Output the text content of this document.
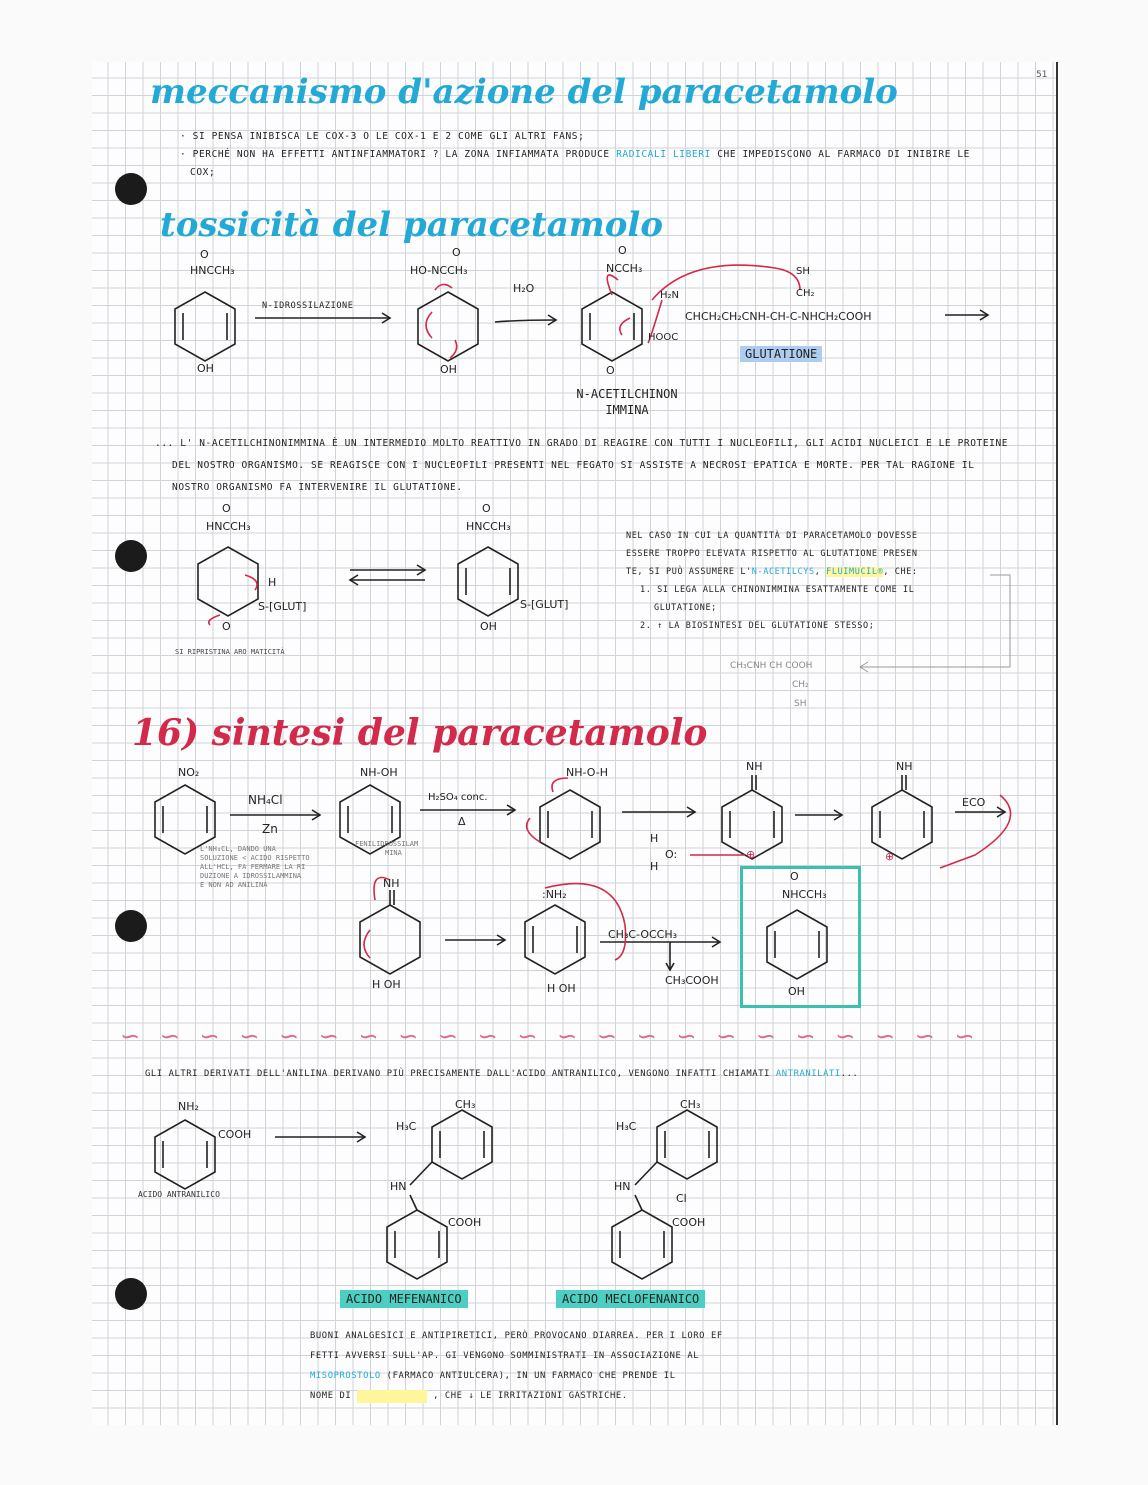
51
meccanismo d'azione del paracetamolo
· SI PENSA INIBISCA LE COX-3 O LE COX-1 E 2 COME GLI ALTRI FANS;
· PERCHÉ NON HA EFFETTI ANTINFIAMMATORI ? LA ZONA INFIAMMATA PRODUCE RADICALI LIBERI CHE IMPEDISCONO AL FARMACO DI INIBIRE LE
COX;
tossicità del paracetamolo
O
HNCCH₃
OH
N-IDROSSILAZIONE
O
HO-NCCH₃
OH
H₂O
O
NCCH₃
O
N-ACETILCHINON IMMINA
H₂N
HOOC
SH
CH₂
CHCH₂CH₂CNH-CH-C-NHCH₂COOH
GLUTATIONE
... L' N-ACETILCHINONIMMINA È UN INTERMEDIO MOLTO REATTIVO IN GRADO DI REAGIRE CON TUTTI I NUCLEOFILI, GLI ACIDI NUCLEICI E LE PROTEINE
DEL NOSTRO ORGANISMO. SE REAGISCE CON I NUCLEOFILI PRESENTI NEL FEGATO SI ASSISTE A NECROSI EPATICA E MORTE. PER TAL RAGIONE IL
NOSTRO ORGANISMO FA INTERVENIRE IL GLUTATIONE.
O
HNCCH₃
H
S-[GLUT]
O
SI RIPRISTINA ARO MATICITÀ
O
HNCCH₃
S-[GLUT]
OH
NEL CASO IN CUI LA QUANTITÀ DI PARACETAMOLO DOVESSE
ESSERE TROPPO ELEVATA RISPETTO AL GLUTATIONE PRESEN
TE, SI PUÒ ASSUMERE L'N-ACETILCYS, FLUIMUCIL®, CHE:
1. SI LEGA ALLA CHINONIMMINA ESATTAMENTE COME IL
GLUTATIONE;
2. ↑ LA BIOSINTESI DEL GLUTATIONE STESSO;
CH₃CNH CH COOH
CH₂
SH
16) sintesi del paracetamolo
NO₂
NH₄Cl
Zn
NH-OH
H₂SO₄ conc.
Δ
NH-O-H	NH
⊕
NH
ECO
H
O:
H
⊕
L'NH₄CL, DANDO UNA
SOLUZIONE < ACIDO RISPETTO
ALL'HCL, FA FERMARE LA RI
DUZIONE A IDROSSILAMMINA
E NON AD ANILINA
FENILIDROSSILAM
MINA
NH
H OH
:NH₂
H OH
CH₃C-OCCH₃
CH₃COOH
O
NHCCH₃
OH
∽ ∽ ∽ ∽ ∽ ∽ ∽ ∽ ∽ ∽ ∽ ∽ ∽ ∽ ∽ ∽ ∽ ∽ ∽ ∽ ∽ ∽
GLI ALTRI DERIVATI DELL'ANILINA DERIVANO PIÙ PRECISAMENTE DALL'ACIDO ANTRANILICO, VENGONO INFATTI CHIAMATI ANTRANILATI...
NH₂
COOH
ACIDO ANTRANILICO
CH₃
H₃C
HN
COOH
ACIDO MEFENANICO
CH₃
H₃C
HN
Cl
COOH
ACIDO MECLOFENANICO
BUONI ANALGESICI E ANTIPIRETICI, PERÒ PROVOCANO DIARREA. PER I LORO EF
FETTI AVVERSI SULL'AP. GI VENGONO SOMMINISTRATI IN ASSOCIAZIONE AL
MISOPROSTOLO (FARMACO ANTIULCERA), IN UN FARMACO CHE PRENDE IL
NOME DI	, CHE ↓ LE IRRITAZIONI GASTRICHE.
